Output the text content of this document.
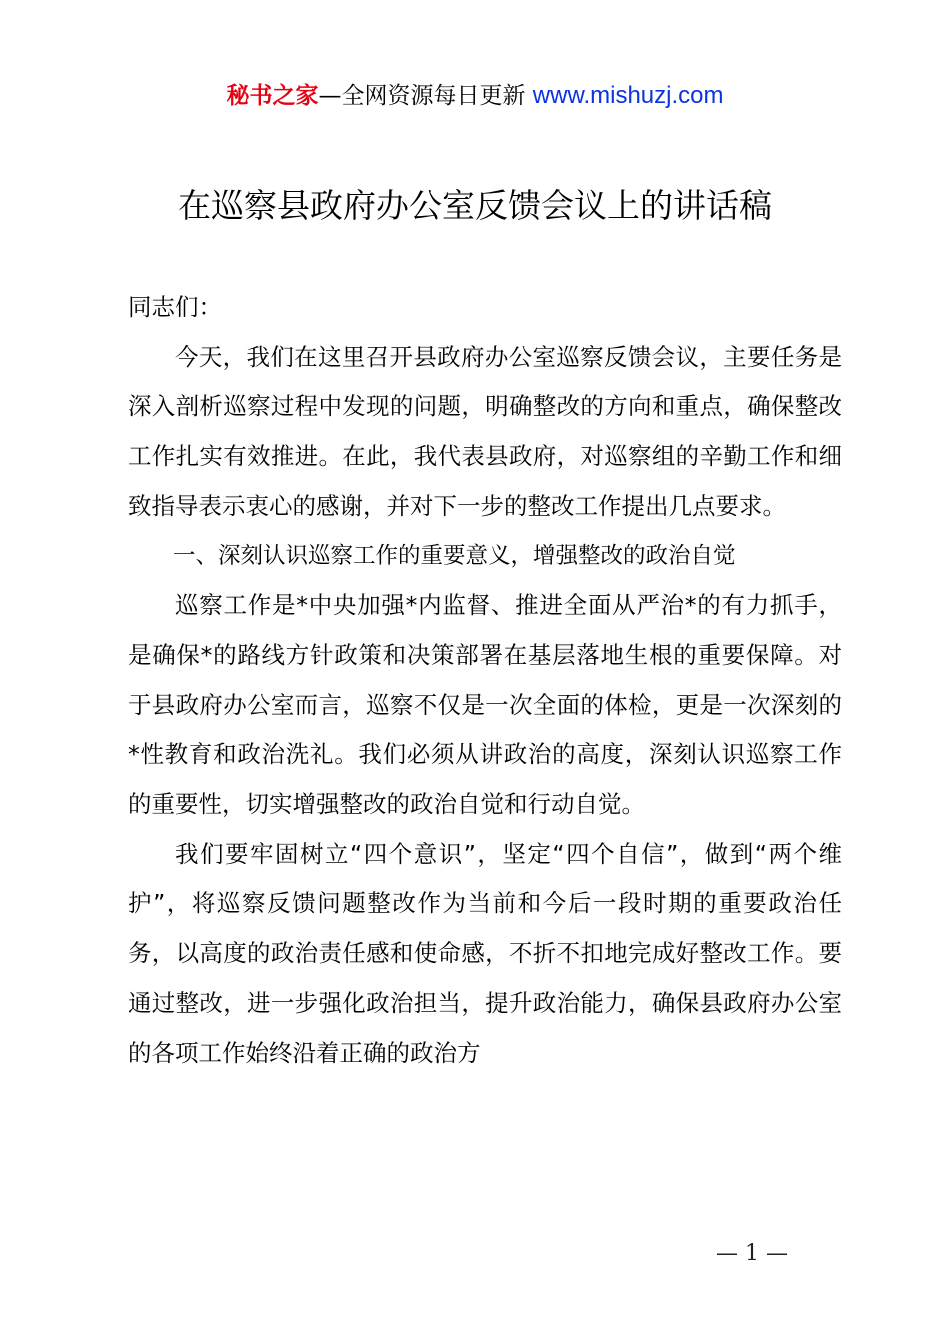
秘书之家—全网资源每日更新 www.mishuzj.com
在巡察县政府办公室反馈会议上的讲话稿

同志们：

今天，我们在这里召开县政府办公室巡察反馈会议，主要任务是深入剖析巡察过程中发现的问题，明确整改的方向和重点，确保整改工作扎实有效推进。在此，我代表县政府，对巡察组的辛勤工作和细致指导表示衷心的感谢，并对下一步的整改工作提出几点要求。

一、深刻认识巡察工作的重要意义，增强整改的政治自觉

巡察工作是*中央加强*内监督、推进全面从严治*的有力抓手，是确保*的路线方针政策和决策部署在基层落地生根的重要保障。对于县政府办公室而言，巡察不仅是一次全面的体检，更是一次深刻的*性教育和政治洗礼。我们必须从讲政治的高度，深刻认识巡察工作的重要性，切实增强整改的政治自觉和行动自觉。

我们要牢固树立“四个意识”，坚定“四个自信”，做到“两个维护”，将巡察反馈问题整改作为当前和今后一段时期的重要政治任务，以高度的政治责任感和使命感，不折不扣地完成好整改工作。要通过整改，进一步强化政治担当，提升政治能力，确保县政府办公室的各项工作始终沿着正确的政治方

— 1 —
